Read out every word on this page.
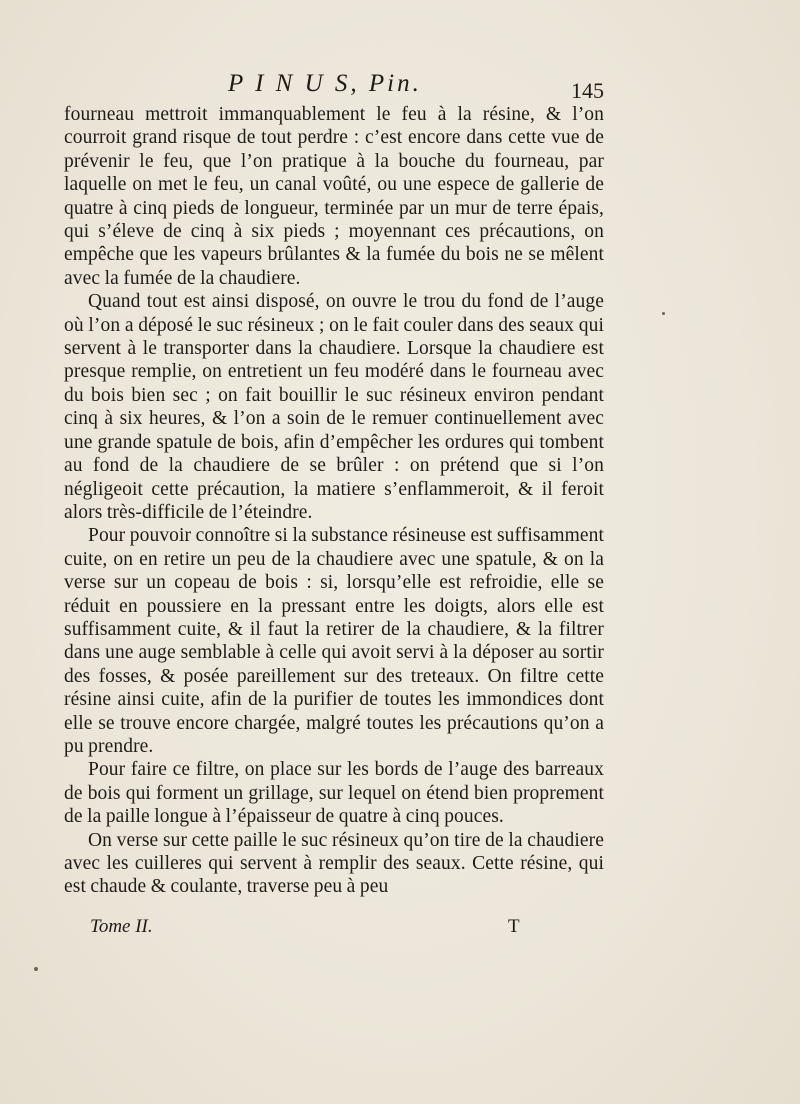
P I N U S, Pin.	145

fourneau mettroit immanquablement le feu à la résine, & l’on courroit grand risque de tout perdre : c’est encore dans cette vue de prévenir le feu, que l’on pratique à la bouche du fourneau, par laquelle on met le feu, un canal voûté, ou une espece de gallerie de quatre à cinq pieds de longueur, terminée par un mur de terre épais, qui s’éleve de cinq à six pieds ; moyennant ces précautions, on empêche que les vapeurs brûlantes & la fumée du bois ne se mêlent avec la fumée de la chaudiere.

Quand tout est ainsi disposé, on ouvre le trou du fond de l’auge où l’on a déposé le suc résineux ; on le fait couler dans des seaux qui servent à le transporter dans la chaudiere. Lorsque la chaudiere est presque remplie, on entretient un feu modéré dans le fourneau avec du bois bien sec ; on fait bouillir le suc résineux environ pendant cinq à six heures, & l’on a soin de le remuer continuellement avec une grande spatule de bois, afin d’empêcher les ordures qui tombent au fond de la chaudiere de se brûler : on prétend que si l’on négligeoit cette précaution, la matiere s’enflammeroit, & il feroit alors très-difficile de l’éteindre.

Pour pouvoir connoître si la substance résineuse est suffisamment cuite, on en retire un peu de la chaudiere avec une spatule, & on la verse sur un copeau de bois : si, lorsqu’elle est refroidie, elle se réduit en poussiere en la pressant entre les doigts, alors elle est suffisamment cuite, & il faut la retirer de la chaudiere, & la filtrer dans une auge semblable à celle qui avoit servi à la déposer au sortir des fosses, & posée pareillement sur des treteaux. On filtre cette résine ainsi cuite, afin de la purifier de toutes les immondices dont elle se trouve encore chargée, malgré toutes les précautions qu’on a pu prendre.

Pour faire ce filtre, on place sur les bords de l’auge des barreaux de bois qui forment un grillage, sur lequel on étend bien proprement de la paille longue à l’épaisseur de quatre à cinq pouces.

On verse sur cette paille le suc résineux qu’on tire de la chaudiere avec les cuilleres qui servent à remplir des seaux. Cette résine, qui est chaude & coulante, traverse peu à peu

Tome II.	T
